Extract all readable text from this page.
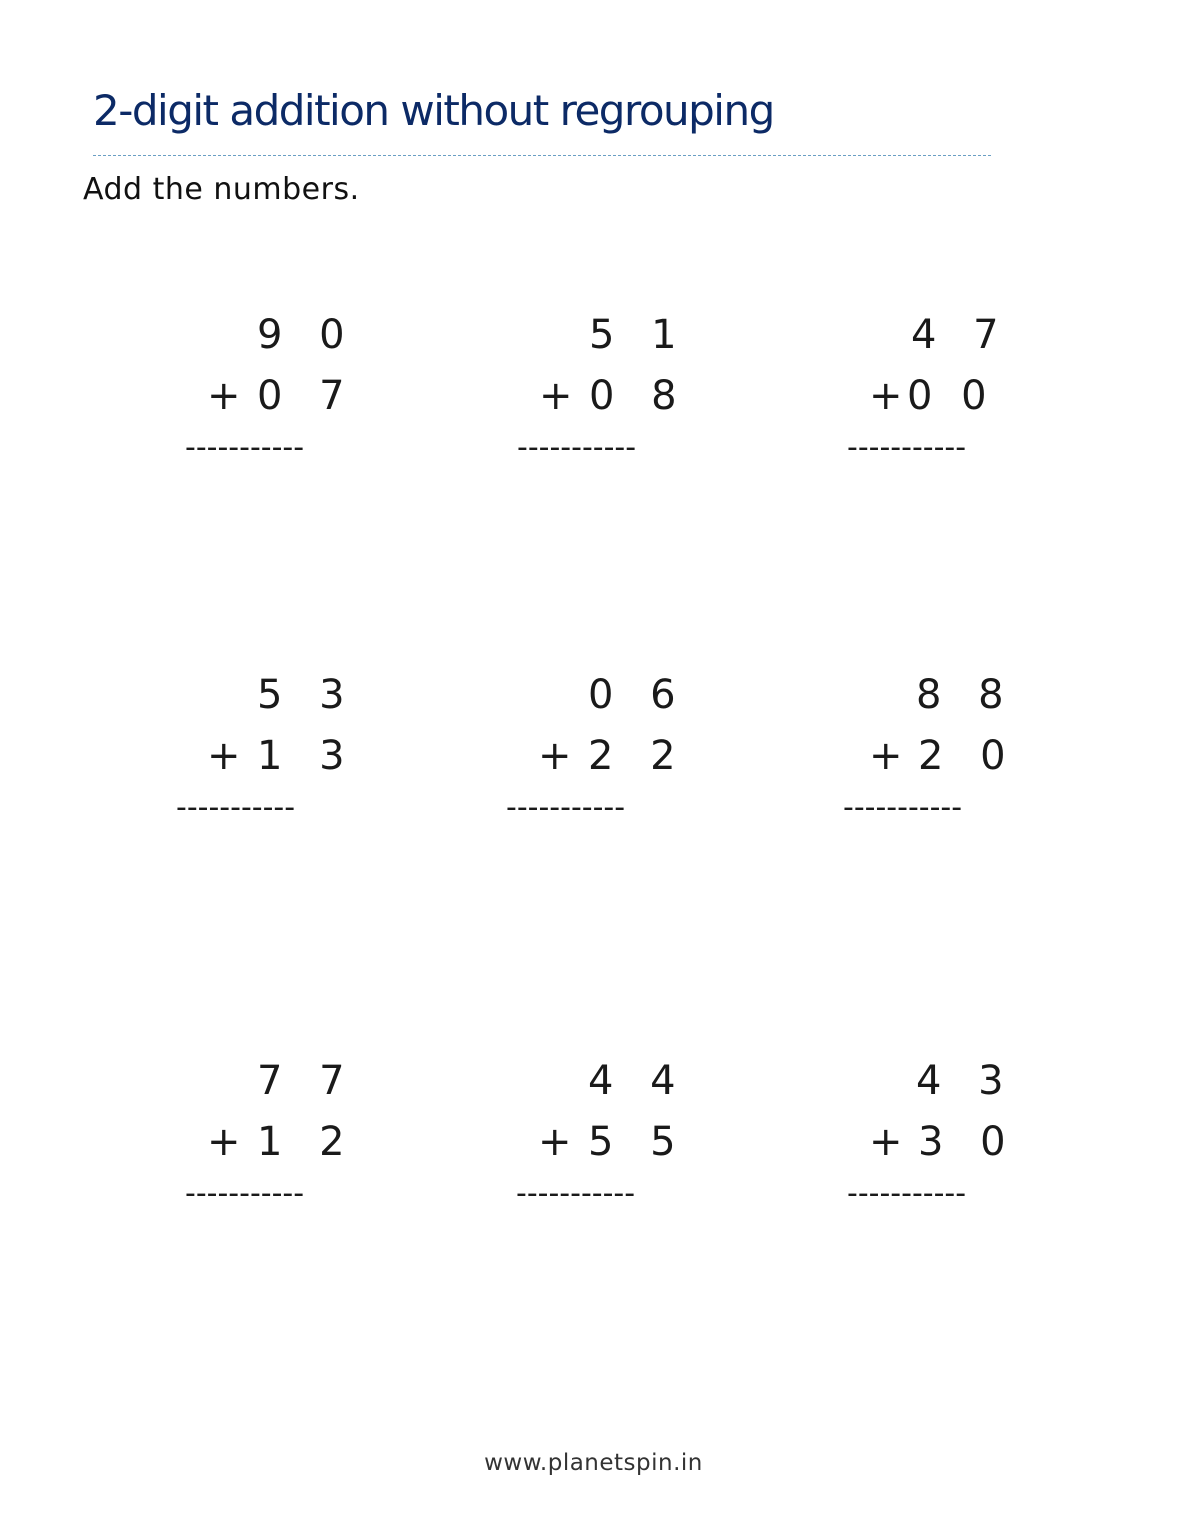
2-digit addition without regrouping
Add the numbers.
9 0
+ 0 7
-----------
5 1
+ 0 8
-----------
4 7
+ 0 0
-----------
5 3
+ 1 3
-----------
0 6
+ 2 2
-----------
8 8
+ 2 0
-----------
7 7
+ 1 2
-----------
4 4
+ 5 5
-----------
4 3
+ 3 0
-----------
www.planetspin.in
